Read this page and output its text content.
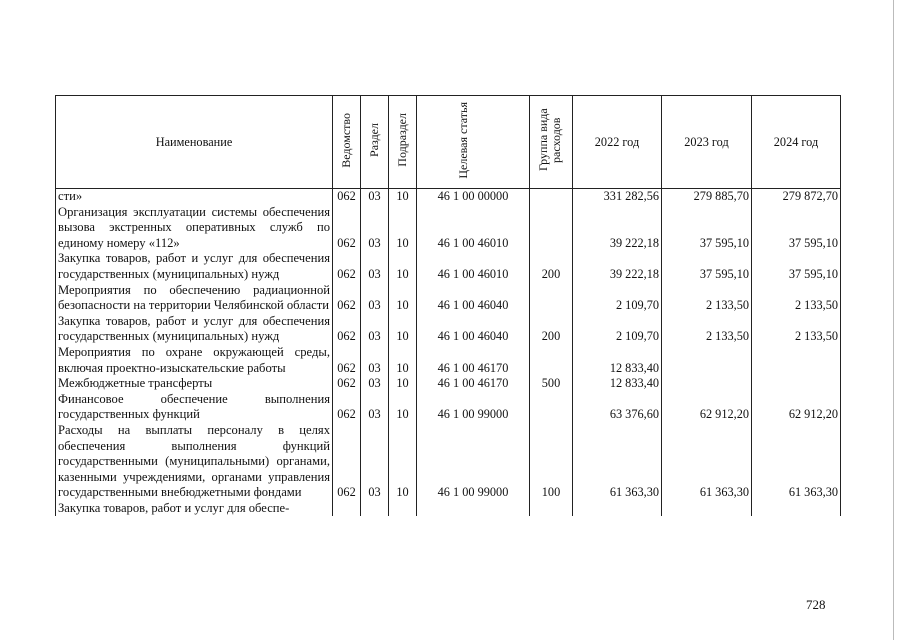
Наименование	Ведомство	Раздел	Подраздел	Целевая статья	Группа вида расходов	2022 год	2023 год	2024 год
сти»	062	03	10	46 1 00 00000		331 282,56	279 885,70	279 872,70
Организация эксплуатации системы обеспечения вызова экстренных оперативных служб по единому номеру «112»	062	03	10	46 1 00 46010		39 222,18	37 595,10	37 595,10
Закупка товаров, работ и услуг для обеспечения государственных (муниципальных) нужд	062	03	10	46 1 00 46010	200	39 222,18	37 595,10	37 595,10
Мероприятия по обеспечению радиационной безопасности на территории Челябинской области	062	03	10	46 1 00 46040		2 109,70	2 133,50	2 133,50
Закупка товаров, работ и услуг для обеспечения государственных (муниципальных) нужд	062	03	10	46 1 00 46040	200	2 109,70	2 133,50	2 133,50
Мероприятия по охране окружающей среды, включая проектно-изыскательские работы	062	03	10	46 1 00 46170		12 833,40		
Межбюджетные трансферты	062	03	10	46 1 00 46170	500	12 833,40		
Финансовое обеспечение выполнения государственных функций	062	03	10	46 1 00 99000		63 376,60	62 912,20	62 912,20
Расходы на выплаты персоналу в целях обеспечения выполнения функций государственными (муниципальными) органами, казенными учреждениями, органами управления государственными внебюджетными фондами	062	03	10	46 1 00 99000	100	61 363,30	61 363,30	61 363,30
Закупка товаров, работ и услуг для обеспе-								
728
